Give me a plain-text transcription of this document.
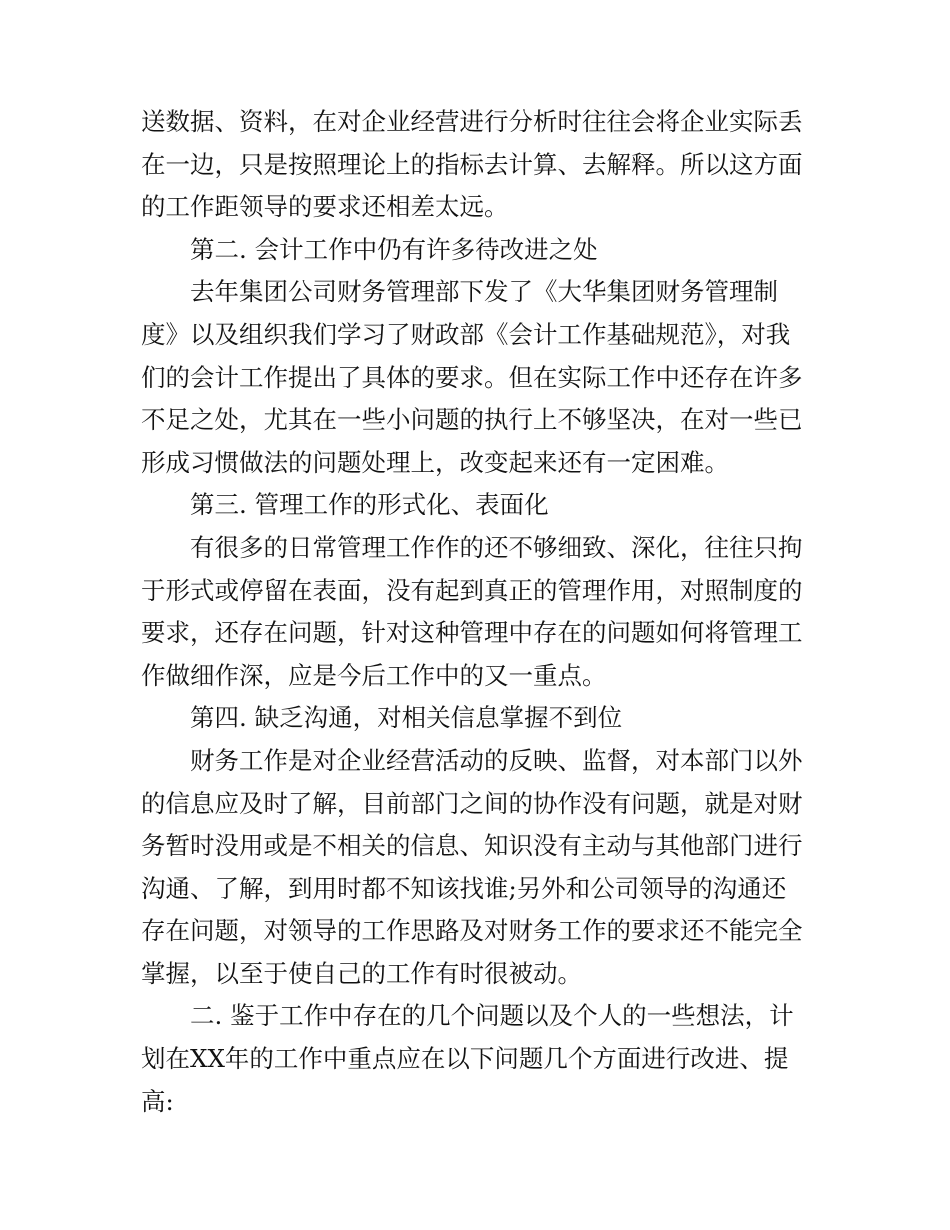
送数据、资料，在对企业经营进行分析时往往会将企业实际丢
在一边，只是按照理论上的指标去计算、去解释。所以这方面
的工作距领导的要求还相差太远。

第二. 会计工作中仍有许多待改进之处

去年集团公司财务管理部下发了《大华集团财务管理制
度》以及组织我们学习了财政部《会计工作基础规范》，对我
们的会计工作提出了具体的要求。但在实际工作中还存在许多
不足之处，尤其在一些小问题的执行上不够坚决，在对一些已
形成习惯做法的问题处理上，改变起来还有一定困难。

第三. 管理工作的形式化、表面化

有很多的日常管理工作作的还不够细致、深化，往往只拘
于形式或停留在表面，没有起到真正的管理作用，对照制度的
要求，还存在问题，针对这种管理中存在的问题如何将管理工
作做细作深，应是今后工作中的又一重点。

第四. 缺乏沟通，对相关信息掌握不到位

财务工作是对企业经营活动的反映、监督，对本部门以外
的信息应及时了解，目前部门之间的协作没有问题，就是对财
务暂时没用或是不相关的信息、知识没有主动与其他部门进行
沟通、了解，到用时都不知该找谁;另外和公司领导的沟通还
存在问题，对领导的工作思路及对财务工作的要求还不能完全
掌握，以至于使自己的工作有时很被动。

二. 鉴于工作中存在的几个问题以及个人的一些想法，计
划在XX年的工作中重点应在以下问题几个方面进行改进、提
高:
